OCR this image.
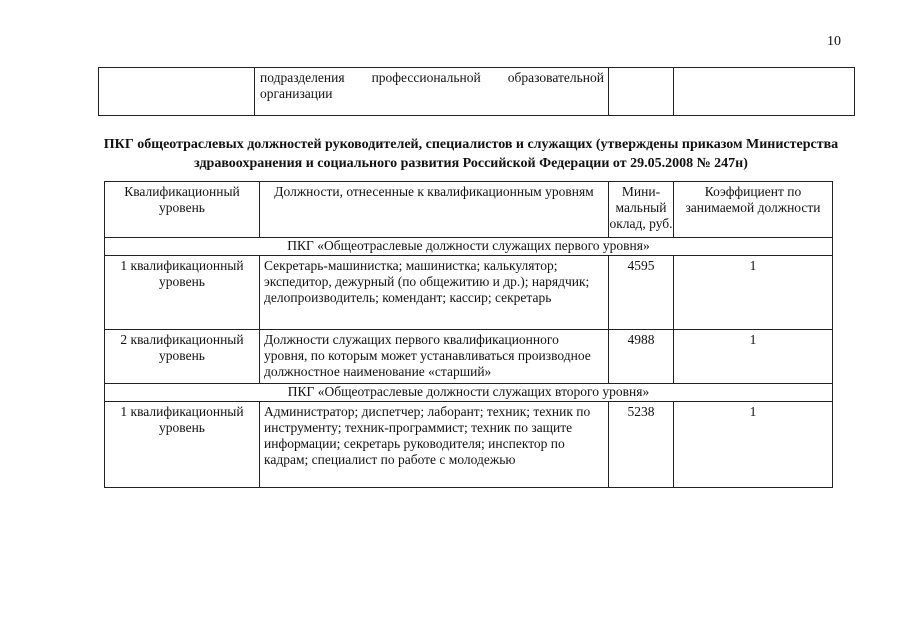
10
	подразделения профессиональной образовательной организации		
ПКГ общеотраслевых должностей руководителей, специалистов и служащих (утверждены приказом Министерства здравоохранения и социального развития Российской Федерации от 29.05.2008 № 247н)
Квалификационный уровень	Должности, отнесенные к квалификационным уровням	Мини-мальный оклад, руб.	Коэффициент по занимаемой должности
ПКГ «Общеотраслевые должности служащих первого уровня»			
1 квалификационный уровень	Секретарь-машинистка; машинистка; калькулятор; экспедитор, дежурный (по общежитию и др.); нарядчик; делопроизводитель; комендант; кассир; секретарь	4595	1
2 квалификационный уровень	Должности служащих первого квалификационного уровня, по которым может устанавливаться производное должностное наименование «старший»	4988	1
ПКГ «Общеотраслевые должности служащих второго уровня»			
1 квалификационный уровень	Администратор; диспетчер; лаборант; техник; техник по инструменту; техник-программист; техник по защите информации; секретарь руководителя; инспектор по кадрам; специалист по работе с молодежью	5238	1
